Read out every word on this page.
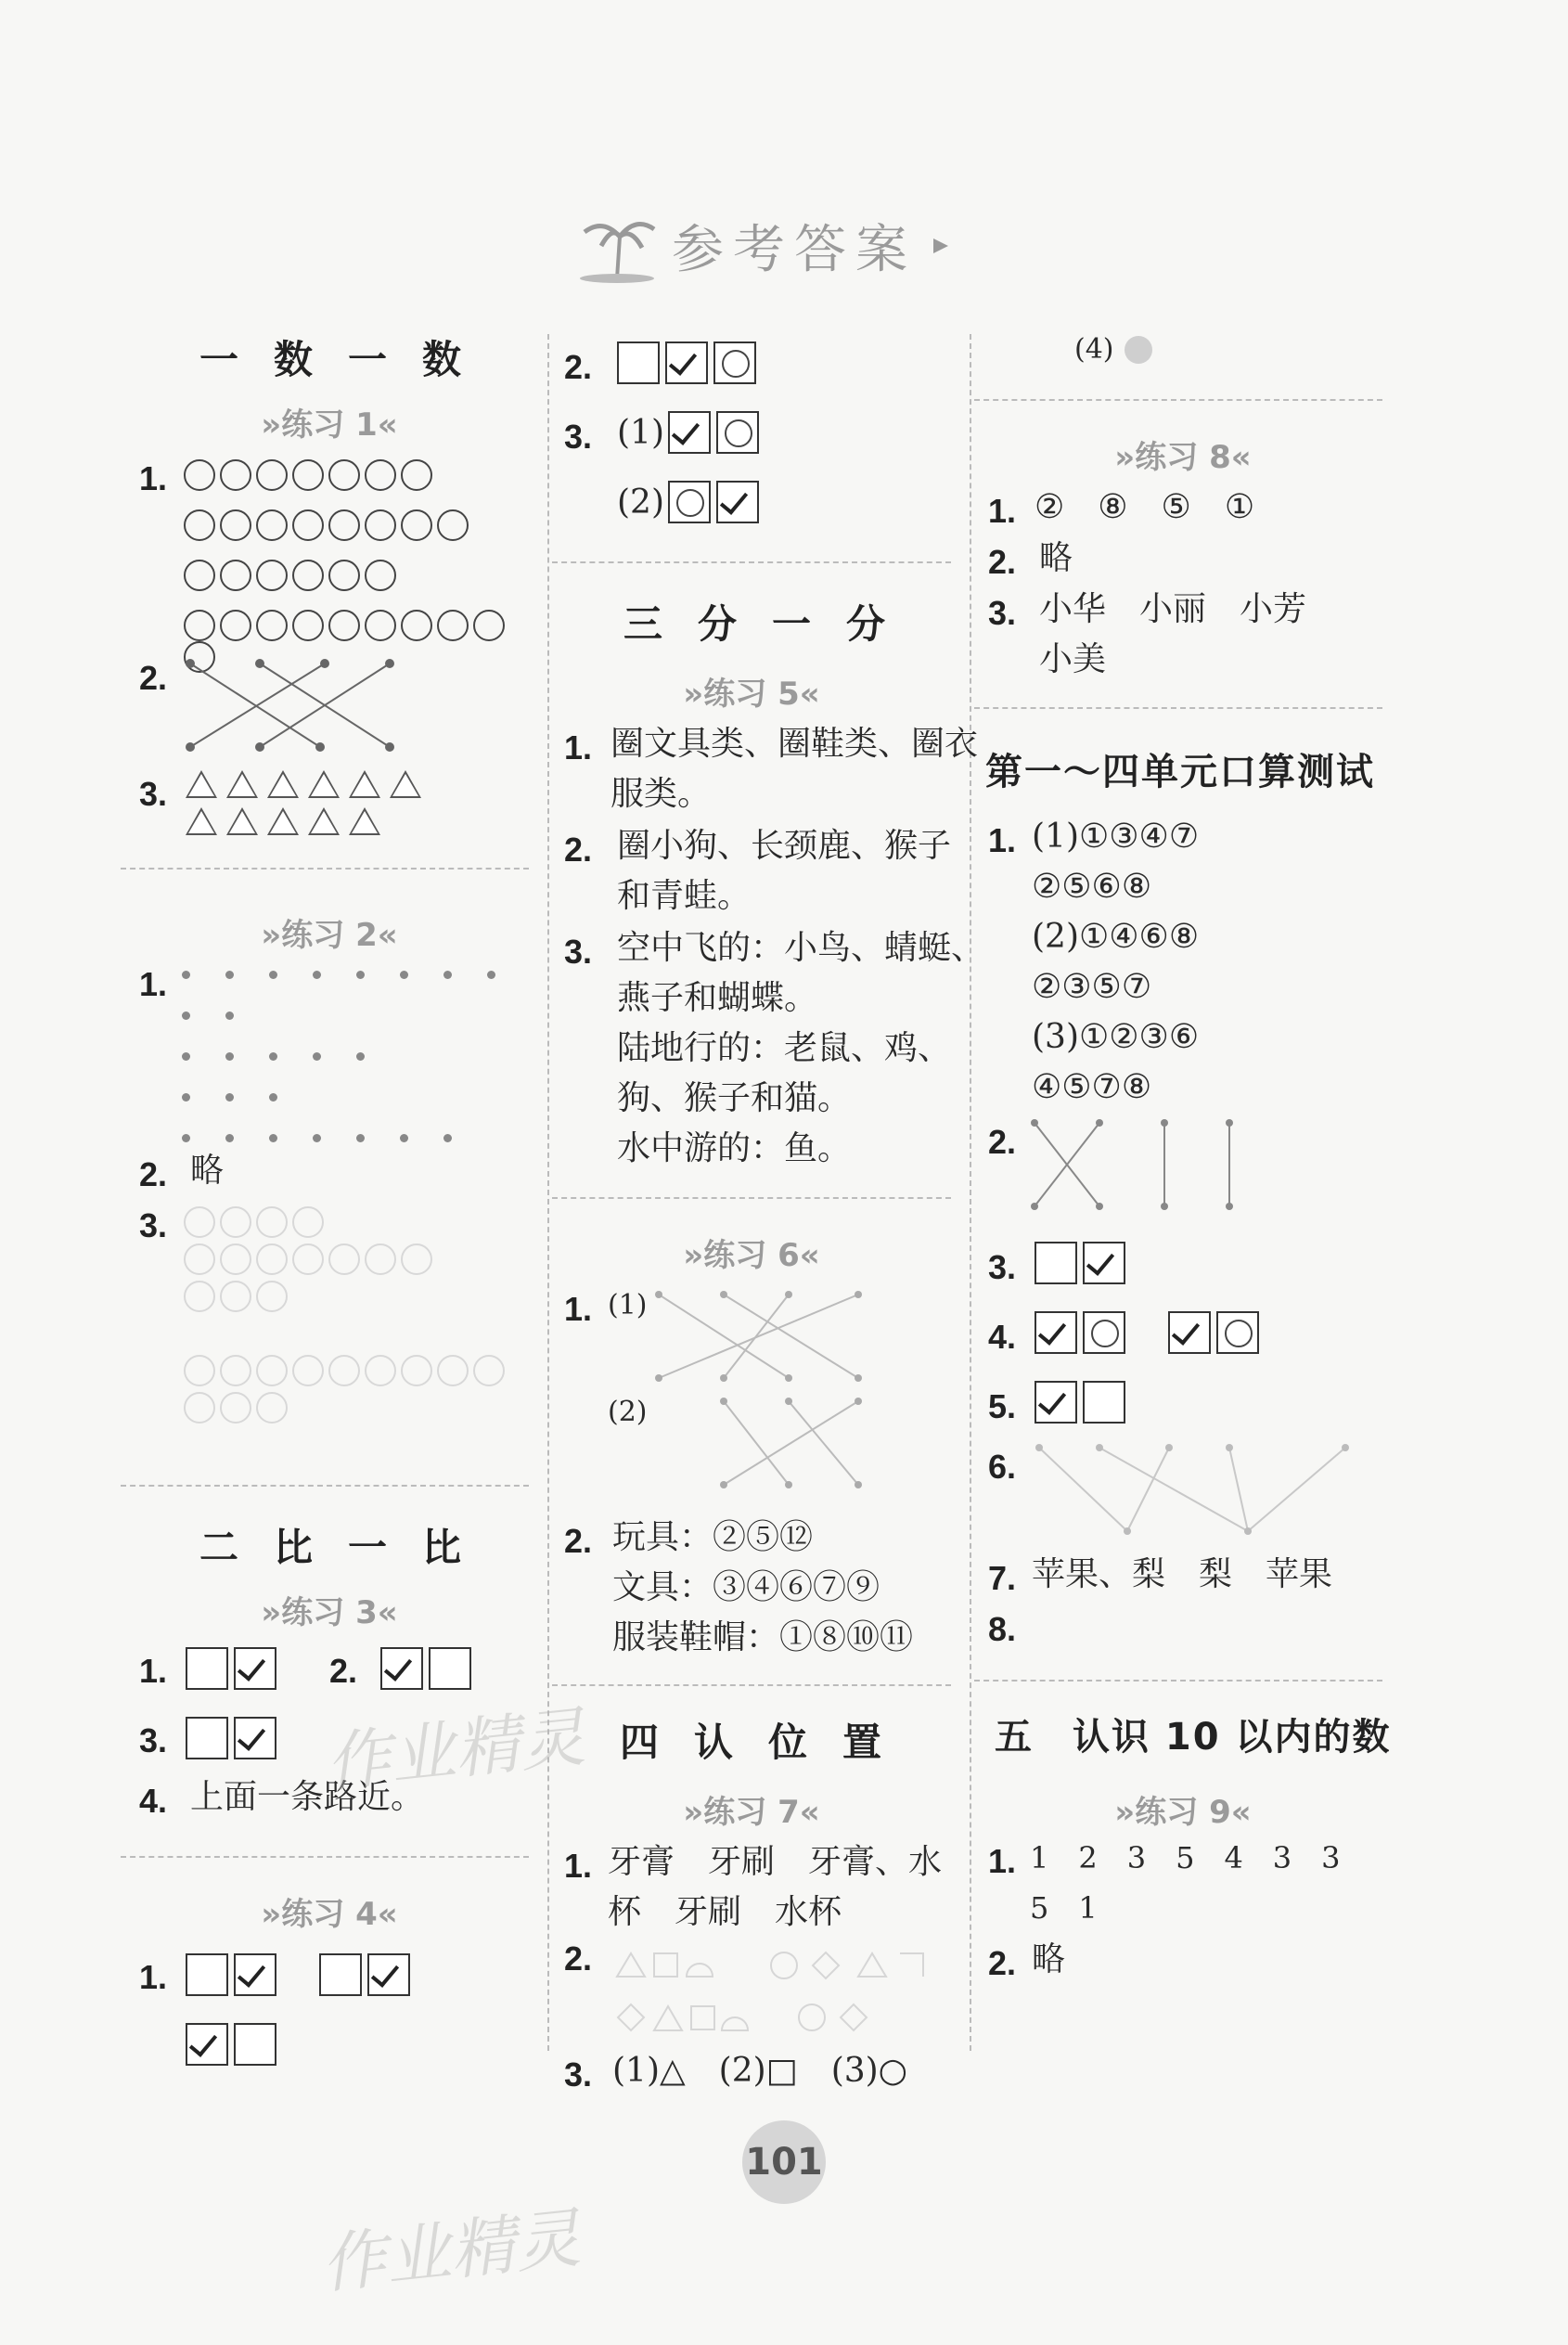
参考答案
一数一数
»练习 1«
1.
2.
3.
»练习 2«
1.
2. 略
3.
二比一比
»练习 3«
1.	2.
3.
4. 上面一条路近。
»练习 4«
1.
作业精灵
2.
3. (1)
(2)
三分一分
»练习 5«
1. 圈文具类、圈鞋类、圈衣
服类。
2. 圈小狗、长颈鹿、猴子
和青蛙。
3. 空中飞的：小鸟、蜻蜓、
燕子和蝴蝶。
陆地行的：老鼠、鸡、
狗、猴子和猫。
水中游的：鱼。
»练习 6«
1. (1)
(2)
2. 玩具：②⑤⑫
文具：③④⑥⑦⑨
服装鞋帽：①⑧⑩⑪
四认位置
»练习 7«
1. 牙膏　牙刷　牙膏、水
杯　牙刷　水杯
2.
3. (1)△　(2)□　(3)○
(4)
»练习 8«
1. ②　⑧　⑤　①
2. 略
3. 小华　小丽　小芳
小美
第一～四单元口算测试
1. (1)①③④⑦
②⑤⑥⑧
(2)①④⑥⑧
②③⑤⑦
(3)①②③⑥
④⑤⑦⑧
2.
3.
4.
5.
6.
7. 苹果、梨　梨　苹果
8.
五　认识 10 以内的数
»练习 9«
1. 1　2　3　5　4　3　3
5　1
2. 略
101
作业精灵
